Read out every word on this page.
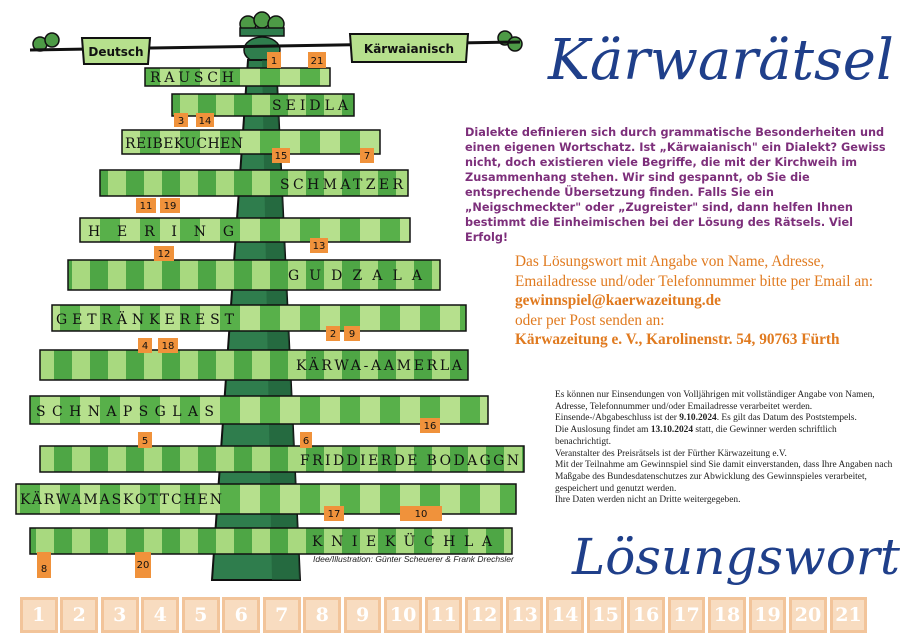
Deutsch	Kärwaianisch
RAUSCH
SEIDLA
REIBEKUCHEN
SCHMATZER
HERING
GUDZALA
GETRÄNKEREST
KÄRWA-AAMERLA
SCHNAPSGLAS
FRIDDIERDE BODAGGN
KÄRWAMASKOTTCHEN
KNIEKÜCHLA
1	21
3 14
15	7
11 19
13
12
2 9
4 18
16
5	6
17	10
8	20
Kärwarätsel

Dialekte definieren sich durch grammatische Besonderheiten und einen eigenen Wortschatz. Ist „Kärwaianisch" ein Dialekt? Gewiss nicht, doch existieren viele Begriffe, die mit der Kirchweih im Zusammenhang stehen. Wir sind gespannt, ob Sie die entsprechende Übersetzung finden. Falls Sie ein „Neigschmeckter" oder „Zugreister" sind, dann helfen Ihnen bestimmt die Einheimischen bei der Lösung des Rätsels. Viel Erfolg!

Das Lösungswort mit Angabe von Name, Adresse, Emailadresse und/oder Telefonnummer bitte per Email an:
gewinnspiel@kaerwazeitung.de
oder per Post senden an:
Kärwazeitung e. V., Karolinenstr. 54, 90763 Fürth

Es können nur Einsendungen von Volljährigen mit vollständiger Angabe von Namen, Adresse, Telefonnummer und/oder Emailadresse verarbeitet werden. Einsende-/Abgabeschluss ist der 9.10.2024. Es gilt das Datum des Poststempels.
Die Auslosung findet am 13.10.2024 statt, die Gewinner werden schriftlich benachrichtigt.
Veranstalter des Preisrätsels ist der Fürther Kärwazeitung e.V.
Mit der Teilnahme am Gewinnspiel sind Sie damit einverstanden, dass Ihre Angaben nach Maßgabe des Bundesdatenschutzes zur Abwicklung des Gewinnspieles verarbeitet, gespeichert und genutzt werden.
Ihre Daten werden nicht an Dritte weitergegeben.

Idee/Illustration: Günter Scheuerer & Frank Drechsler Lösungswort
1	2	3	4	5	6	7	8	9	10 11 12 13 14 15 16 17 18 19 20 21
